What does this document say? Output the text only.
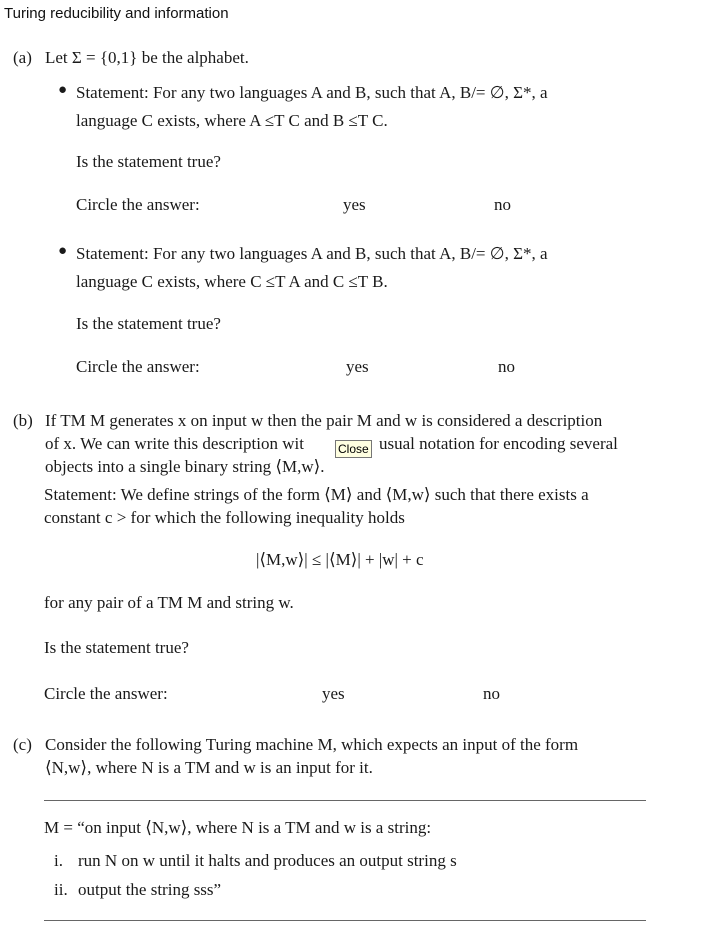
Turing reducibility and information
(a) Let Σ = {0,1} be the alphabet.
● Statement: For any two languages A and B, such that A, B/= ∅, Σ*, a
language C exists, where A ≤T C and B ≤T C.
Is the statement true?
Circle the answer:	yes	no
● Statement: For any two languages A and B, such that A, B/= ∅, Σ*, a
language C exists, where C ≤T A and C ≤T B.
Is the statement true?
Circle the answer:	yes	no
(b) If TM M generates x on input w then the pair M and w is considered a description
of x. We can write this description wit	usual notation for encoding several
Close
objects into a single binary string ⟨M,w⟩.
Statement: We define strings of the form ⟨M⟩ and ⟨M,w⟩ such that there exists a
constant c > for which the following inequality holds
|⟨M,w⟩| ≤ |⟨M⟩| + |w| + c
for any pair of a TM M and string w.
Is the statement true?
Circle the answer:	yes	no
(c) Consider the following Turing machine M, which expects an input of the form
⟨N,w⟩, where N is a TM and w is an input for it.
M = “on input ⟨N,w⟩, where N is a TM and w is a string:
i. run N on w until it halts and produces an output string s
ii. output the string sss”
